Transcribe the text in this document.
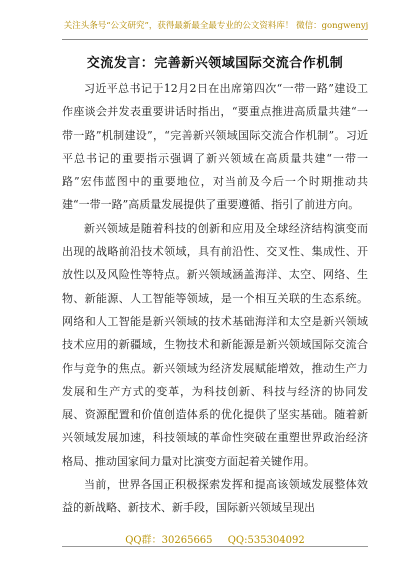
关注头条号“公文研究”，获得最新最全最专业的公文资料库！ 微信：gongwenyj
交流发言：完善新兴领域国际交流合作机制

习近平总书记于12月2日在出席第四次“一带一路”建设工作座谈会并发表重要讲话时指出，“要重点推进高质量共建“一带一路”机制建设”，“完善新兴领域国际交流合作机制”。习近平总书记的重要指示强调了新兴领域在高质量共建“一带一路”宏伟蓝图中的重要地位，对当前及今后一个时期推动共建“一带一路”高质量发展提供了重要遵循、指引了前进方向。

新兴领域是随着科技的创新和应用及全球经济结构演变而出现的战略前沿技术领域，具有前沿性、交叉性、集成性、开放性以及风险性等特点。新兴领域涵盖海洋、太空、网络、生物、新能源、人工智能等领域，是一个相互关联的生态系统。网络和人工智能是新兴领域的技术基础海洋和太空是新兴领域技术应用的新疆域，生物技术和新能源是新兴领域国际交流合作与竞争的焦点。新兴领域为经济发展赋能增效，推动生产力发展和生产方式的变革，为科技创新、科技与经济的协同发展、资源配置和价值创造体系的优化提供了坚实基础。随着新兴领域发展加速，科技领域的革命性突破在重塑世界政治经济格局、推动国家间力量对比演变方面起着关键作用。

当前，世界各国正积极探索发挥和提高该领域发展整体效益的新战略、新技术、新手段，国际新兴领域呈现出

QQ群：30265665 QQ:535304092
